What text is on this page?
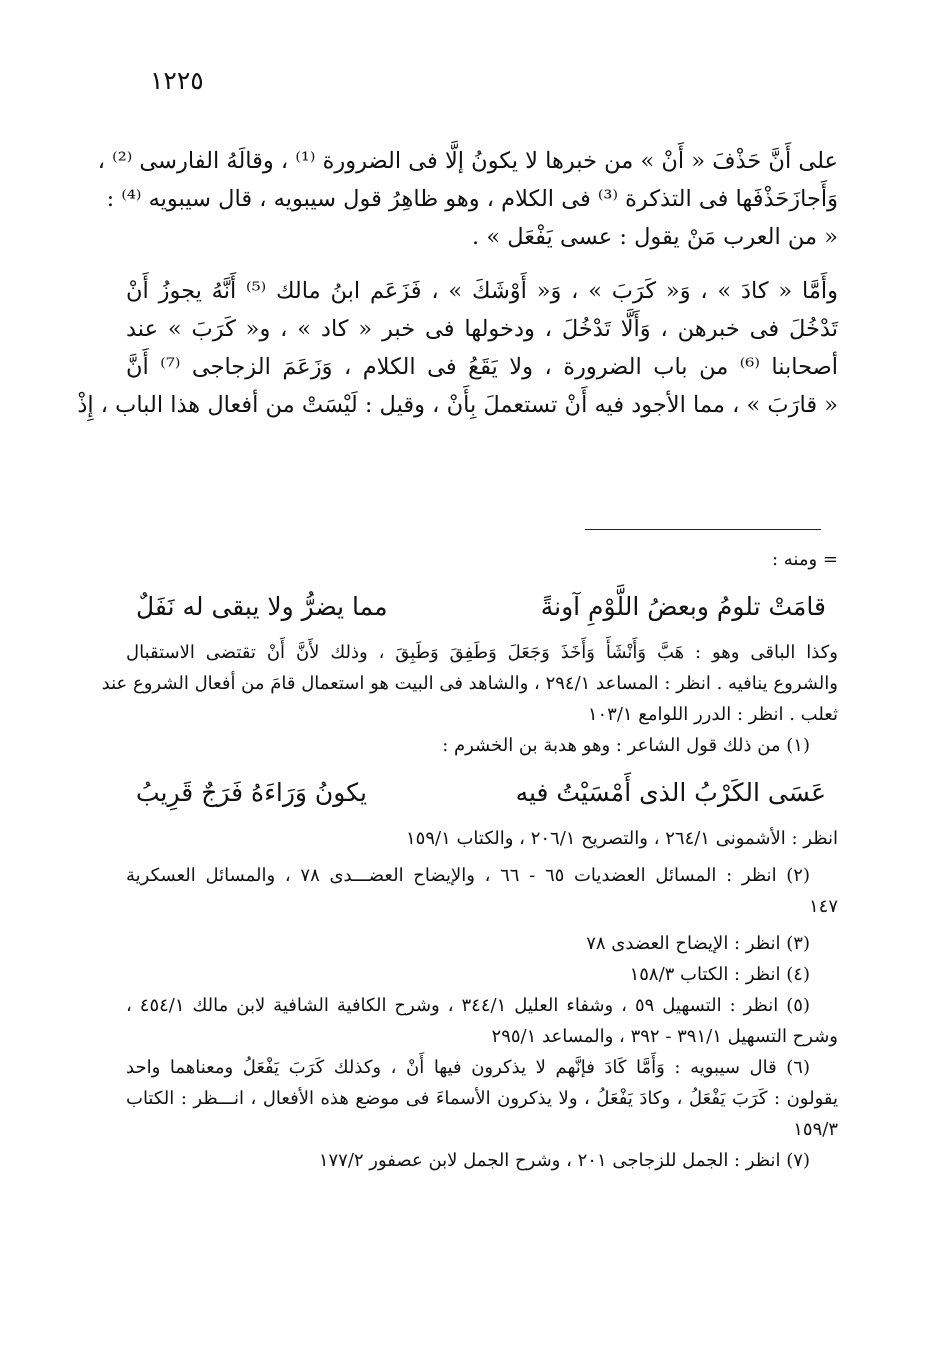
١٢٢٥
على أَنَّ حَذْفَ « أَنْ » من خبرها لا يكونُ إلَّا فى الضرورة ⁽¹⁾ ، وقالَهُ الفارسى ⁽²⁾ ،
وَأَجازَحَذْفَها فى التذكرة ⁽³⁾ فى الكلام ، وهو ظاهِرُ قول سيبويه ، قال سيبويه ⁽⁴⁾ :
« من العرب مَنْ يقول : عسى يَفْعَل » .
وأَمَّا « كادَ » ، وَ« كَرَبَ » ، وَ« أَوْشَكَ » ، فَزَعَم ابنُ مالك ⁽⁵⁾ أَنَّهُ يجوزُ أَنْ
تَدْخُلَ فى خبرهن ، وَأَلَّا تَدْخُلَ ، ودخولها فى خبر « كاد » ، و« كَرَبَ » عند
أصحابنا ⁽⁶⁾ من باب الضرورة ، ولا يَقَعُ فى الكلام ، وَزَعَمَ الزجاجى ⁽⁷⁾ أَنَّ
« قارَبَ » ، مما الأجود فيه أَنْ تستعملَ بِأَنْ ، وقيل : لَيْسَتْ من أفعال هذا الباب ، إِذْ
= ومنه :
قامَتْ تلومُ وبعضُ اللَّوْمِ آونةً
مما يضرُّ ولا يبقى له نَفَلٌ
وكذا الباقى وهو : هَبَّ وَأَنْشَأَ وَأَخَذَ وَجَعَلَ وَطَفِقَ وَطَبِقَ ، وذلك لأَنَّ أَنْ تقتضى الاستقبال
والشروع ينافيه . انظر : المساعد ٢٩٤/١ ، والشاهد فى البيت هو استعمال قامَ من أفعال الشروع عند
ثعلب . انظر : الدرر اللوامع ١٠٣/١
(١) من ذلك قول الشاعر : وهو هدبة بن الخشرم :
عَسَى الكَرْبُ الذى أَمْسَيْتُ فيه
يكونُ وَرَاءَهُ فَرَجٌ قَرِيبُ
انظر : الأشمونى ٢٦٤/١ ، والتصريح ٢٠٦/١ ، والكتاب ١٥٩/١
(٢) انظر : المسائل العضديات ٦٥ - ٦٦ ، والإيضاح العضـــدى ٧٨ ، والمسائل العسكرية
١٤٧
(٣) انظر : الإيضاح العضدى ٧٨
(٤) انظر : الكتاب ١٥٨/٣
(٥) انظر : التسهيل ٥٩ ، وشفاء العليل ٣٤٤/١ ، وشرح الكافية الشافية لابن مالك ٤٥٤/١ ،
وشرح التسهيل ٣٩١/١ - ٣٩٢ ، والمساعد ٢٩٥/١
(٦) قال سيبويه : وَأَمَّا كَادَ فإنَّهم لا يذكرون فيها أَنْ ، وكذلك كَرَبَ يَفْعَلُ ومعناهما واحد
يقولون : كَرَبَ يَفْعَلُ ، وكادَ يَفْعَلُ ، ولا يذكرون الأسماءَ فى موضع هذه الأفعال ، انـــظر : الكتاب
١٥٩/٣
(٧) انظر : الجمل للزجاجى ٢٠١ ، وشرح الجمل لابن عصفور ١٧٧/٢
